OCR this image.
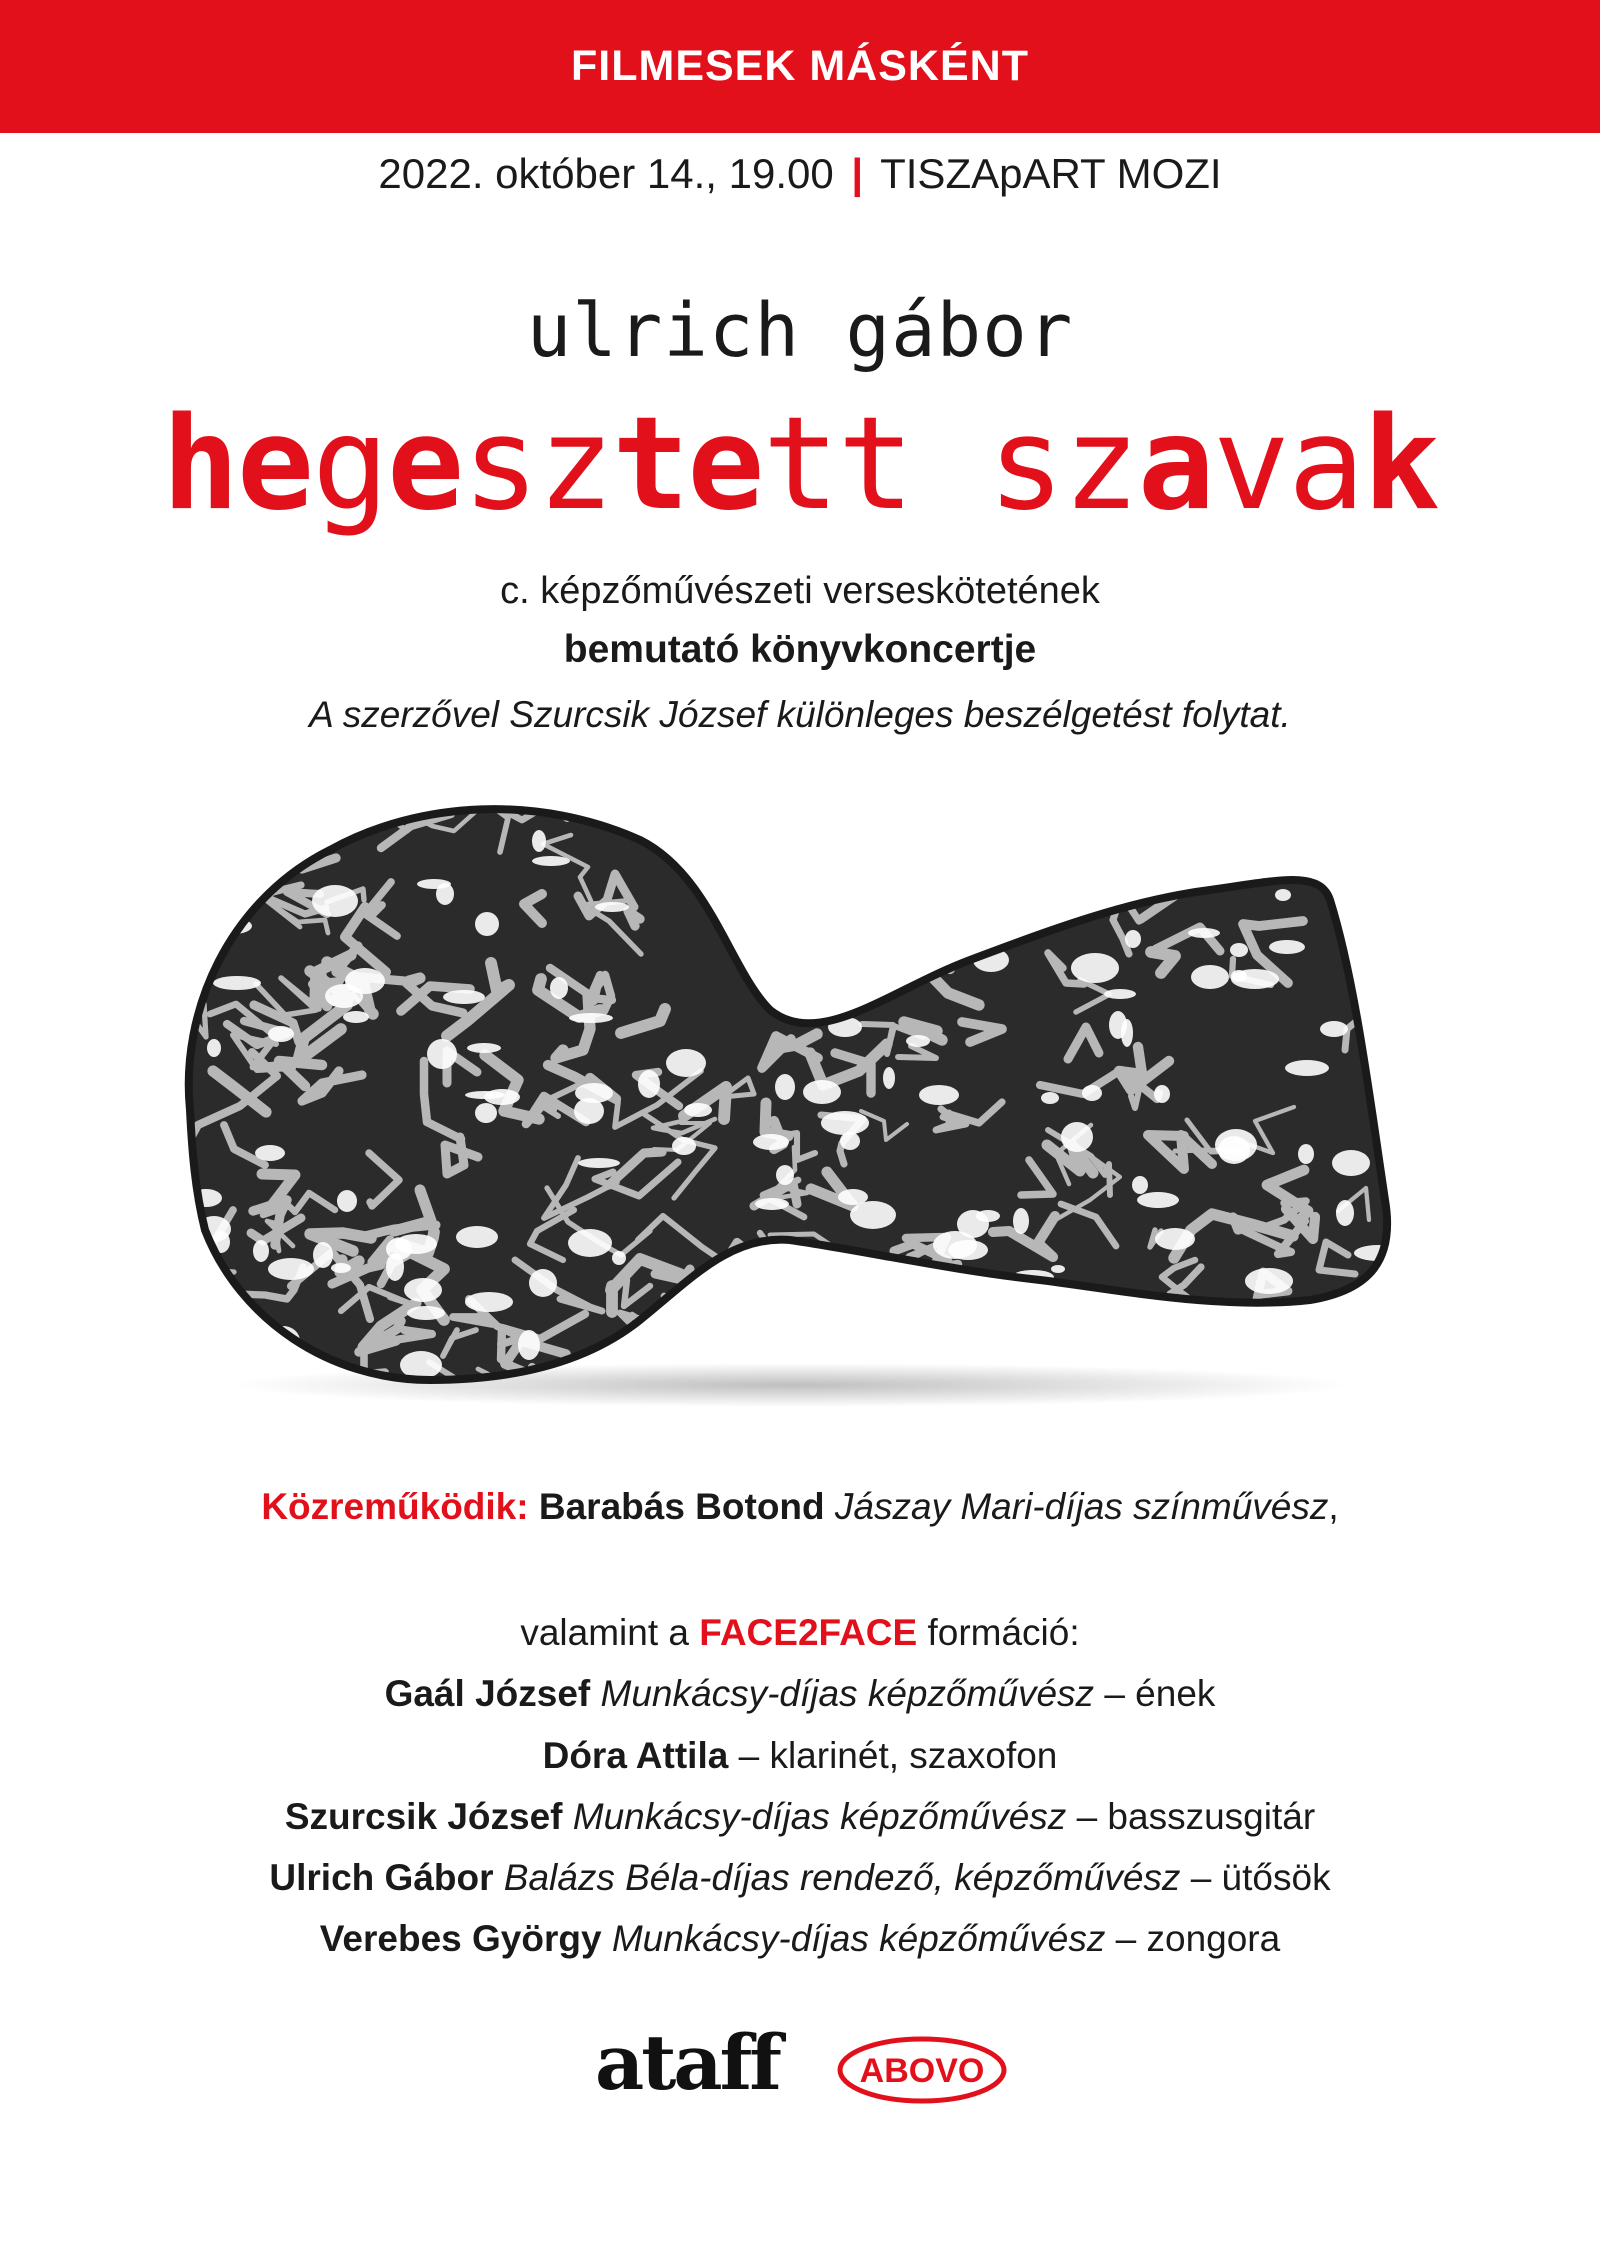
FILMESEK MÁSKÉNT
2022. október 14., 19.00 | TISZApART MOZI
ulrich gábor
hegesztett szavak
c. képzőművészeti verseskötetének
bemutató könyvkoncertje
A szerzővel Szurcsik József különleges beszélgetést folytat.
Közreműködik: Barabás Botond Jászay Mari-díjas színművész,
valamint a FACE2FACE formáció:
Gaál József Munkácsy-díjas képzőművész – ének
Dóra Attila – klarinét, szaxofon
Szurcsik József Munkácsy-díjas képzőművész – basszusgitár
Ulrich Gábor Balázs Béla-díjas rendező, képzőművész – ütősök
Verebes György Munkácsy-díjas képzőművész – zongora
ataff ABOVO
